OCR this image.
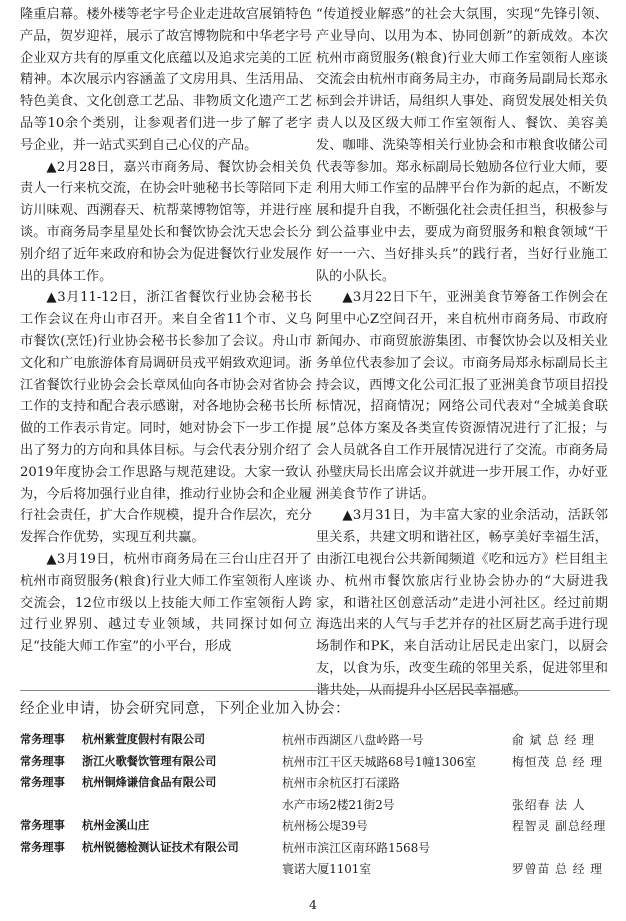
隆重启幕。楼外楼等老字号企业走进故宫展销特色产品，贺岁迎祥，展示了故宫博物院和中华老字号企业双方共有的厚重文化底蕴以及追求完美的工匠精神。本次展示内容涵盖了文房用具、生活用品、特色美食、文化创意工艺品、非物质文化遗产工艺品等10余个类别，让参观者们进一步了解了老字号企业，并一站式买到自己心仪的产品。

▲2月28日，嘉兴市商务局、餐饮协会相关负责人一行来杭交流，在协会叶驰秘书长等陪同下走访川味观、西溯春天、杭帮菜博物馆等，并进行座谈。市商务局李星星处长和餐饮协会沈天忠会长分别介绍了近年来政府和协会为促进餐饮行业发展作出的具体工作。

▲3月11-12日，浙江省餐饮行业协会秘书长工作会议在舟山市召开。来自全省11个市、义乌市餐饮(烹饪)行业协会秘书长参加了会议。舟山市文化和广电旅游体育局调研员戎平娟致欢迎词。浙江省餐饮行业协会会长章凤仙向各市协会对省协会工作的支持和配合表示感谢，对各地协会秘书长所做的工作表示肯定。同时，她对协会下一步工作提出了努力的方向和具体目标。与会代表分别介绍了2019年度协会工作思路与规范建设。大家一致认为，今后将加强行业自律，推动行业协会和企业履行社会责任，扩大合作规模，提升合作层次，充分发挥合作优势，实现互利共赢。

▲3月19日，杭州市商务局在三台山庄召开了杭州市商贸服务(粮食)行业大师工作室领衔人座谈交流会，12位市级以上技能大师工作室领衔人跨过行业界别、越过专业领域，共同探讨如何立足“技能大师工作室”的小平台，形成

“传道授业解惑”的社会大氛围，实现“先锋引领、产业导向、以用为本、协同创新”的新成效。本次杭州市商贸服务(粮食)行业大师工作室领衔人座谈交流会由杭州市商务局主办，市商务局副局长郑永标到会并讲话，局组织人事处、商贸发展处相关负责人以及区级大师工作室领衔人、餐饮、美容美发、咖啡、洗染等相关行业协会和市粮食收储公司代表等参加。郑永标副局长勉励各位行业大师，要利用大师工作室的品牌平台作为新的起点，不断发展和提升自我，不断强化社会责任担当，积极参与到公益事业中去，要成为商贸服务和粮食领域“干好一一六、当好排头兵”的践行者，当好行业施工队的小队长。

▲3月22日下午，亚洲美食节筹备工作例会在阿里中心Z空间召开，来自杭州市商务局、市政府新闻办、市商贸旅游集团、市餐饮协会以及相关业务单位代表参加了会议。市商务局郑永标副局长主持会议，西博文化公司汇报了亚洲美食节项目招投标情况，招商情况；网络公司代表对“全城美食联展”总体方案及各类宣传资源情况进行了汇报；与会人员就各自工作开展情况进行了交流。市商务局孙璧庆局长出席会议并就进一步开展工作，办好亚洲美食节作了讲话。

▲3月31日，为丰富大家的业余活动，活跃邻里关系，共建文明和谐社区，畅享美好幸福生活，由浙江电视台公共新闻频道《吃和远方》栏目组主办、杭州市餐饮旅店行业协会协办的“大厨进我家，和谐社区创意活动”走进小河社区。经过前期海选出来的人气与手艺并存的社区厨艺高手进行现场制作和PK，来自活动让居民走出家门，以厨会友，以食为乐，改变生疏的邻里关系，促进邻里和谐共处，从而提升小区居民幸福感。

经企业申请，协会研究同意，下列企业加入协会：
常务理事	杭州紫萱度假村有限公司	杭州市西湖区八盘岭路一号	俞 斌 总 经 理
常务理事	浙江火歌餐饮管理有限公司	杭州市江干区天城路68号1幢1306室	梅恒茂 总 经 理
常务理事	杭州铜烽谦信食品有限公司	杭州市余杭区打石漾路	
		水产市场2楼21街2号	张绍春 法 人
常务理事	杭州金溪山庄	杭州杨公堤39号	程智灵 副总经理
常务理事	杭州锐德检测认证技术有限公司	杭州市滨江区南环路1568号	
		寰诺大厦1101室	罗曾苗 总 经 理
4
